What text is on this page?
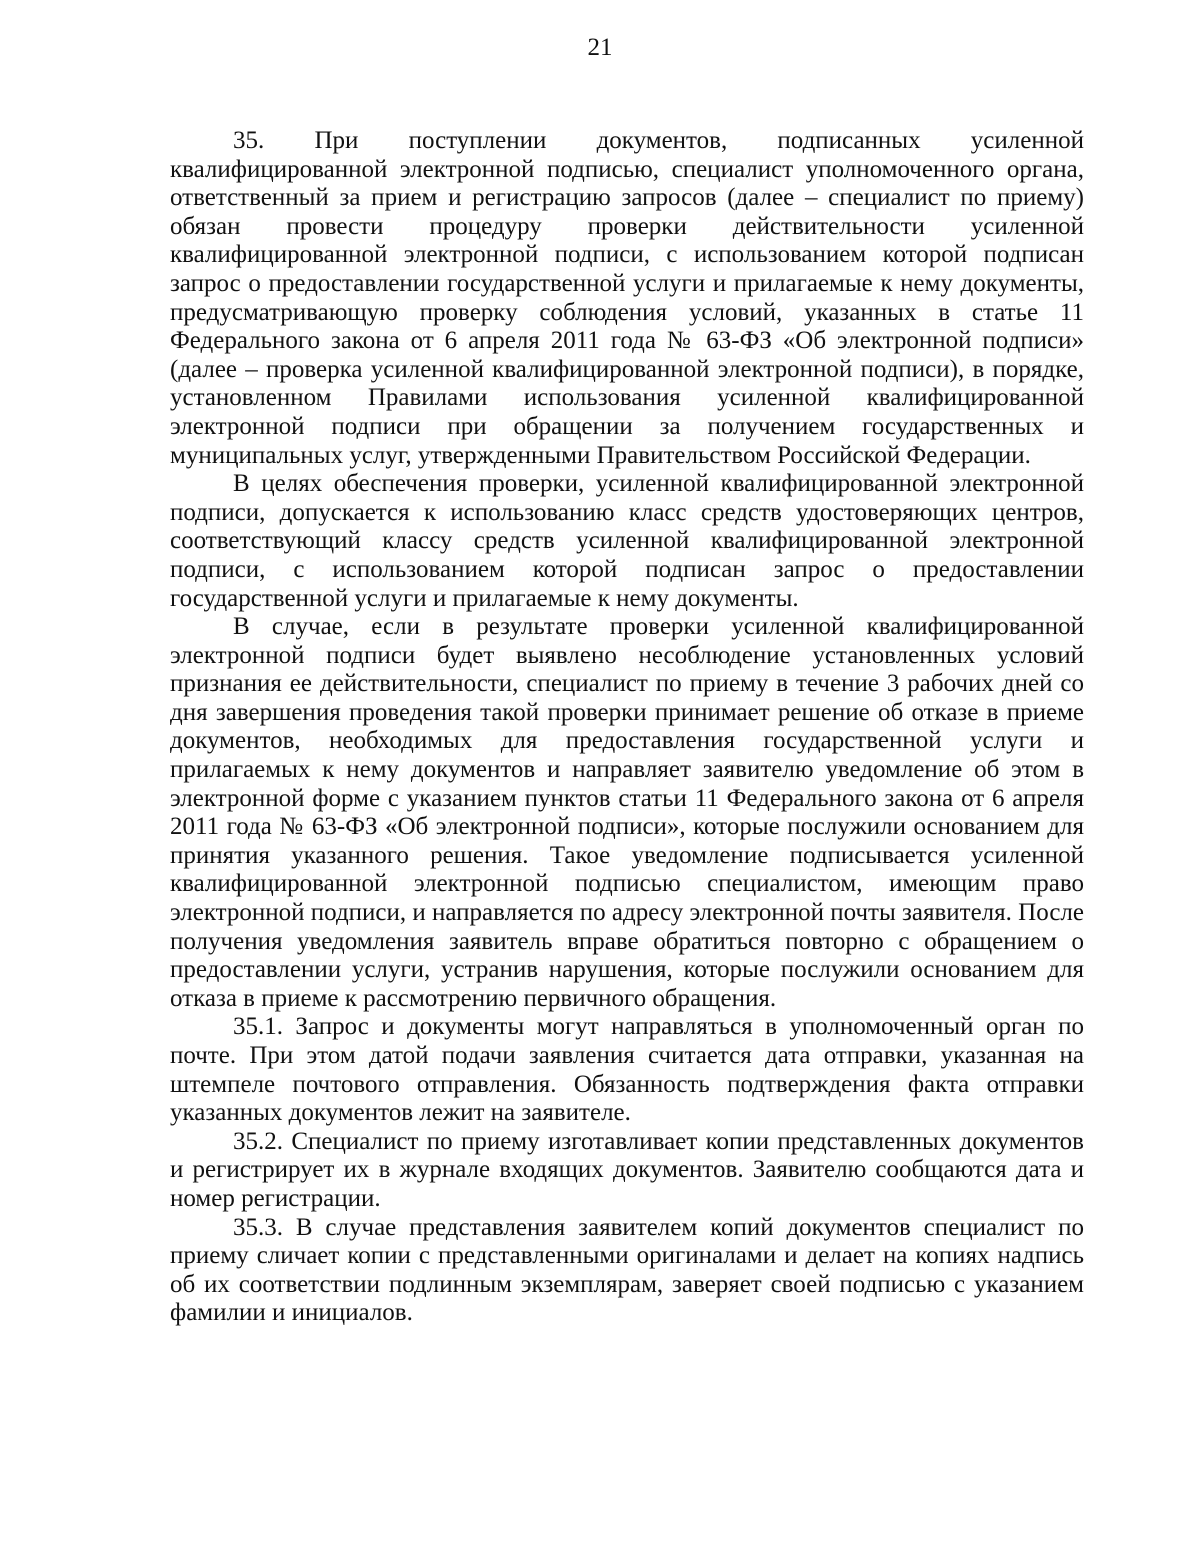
21

35. При поступлении документов, подписанных усиленной квалифицированной электронной подписью, специалист уполномоченного органа, ответственный за прием и регистрацию запросов (далее – специалист по приему) обязан провести процедуру проверки действительности усиленной квалифицированной электронной подписи, с использованием которой подписан запрос о предоставлении государственной услуги и прилагаемые к нему документы, предусматривающую проверку соблюдения условий, указанных в статье 11 Федерального закона от 6 апреля 2011 года № 63-ФЗ «Об электронной подписи» (далее – проверка усиленной квалифицированной электронной подписи), в порядке, установленном Правилами использования усиленной квалифицированной электронной подписи при обращении за получением государственных и муниципальных услуг, утвержденными Правительством Российской Федерации.

В целях обеспечения проверки, усиленной квалифицированной электронной подписи, допускается к использованию класс средств удостоверяющих центров, соответствующий классу средств усиленной квалифицированной электронной подписи, с использованием которой подписан запрос о предоставлении государственной услуги и прилагаемые к нему документы.

В случае, если в результате проверки усиленной квалифицированной электронной подписи будет выявлено несоблюдение установленных условий признания ее действительности, специалист по приему в течение 3 рабочих дней со дня завершения проведения такой проверки принимает решение об отказе в приеме документов, необходимых для предоставления государственной услуги и прилагаемых к нему документов и направляет заявителю уведомление об этом в электронной форме с указанием пунктов статьи 11 Федерального закона от 6 апреля 2011 года № 63-ФЗ «Об электронной подписи», которые послужили основанием для принятия указанного решения. Такое уведомление подписывается усиленной квалифицированной электронной подписью специалистом, имеющим право электронной подписи, и направляется по адресу электронной почты заявителя. После получения уведомления заявитель вправе обратиться повторно с обращением о предоставлении услуги, устранив нарушения, которые послужили основанием для отказа в приеме к рассмотрению первичного обращения.

35.1. Запрос и документы могут направляться в уполномоченный орган по почте. При этом датой подачи заявления считается дата отправки, указанная на штемпеле почтового отправления. Обязанность подтверждения факта отправки указанных документов лежит на заявителе.

35.2. Специалист по приему изготавливает копии представленных документов и регистрирует их в журнале входящих документов. Заявителю сообщаются дата и номер регистрации.

35.3. В случае представления заявителем копий документов специалист по приему сличает копии с представленными оригиналами и делает на копиях надпись об их соответствии подлинным экземплярам, заверяет своей подписью с указанием фамилии и инициалов.
